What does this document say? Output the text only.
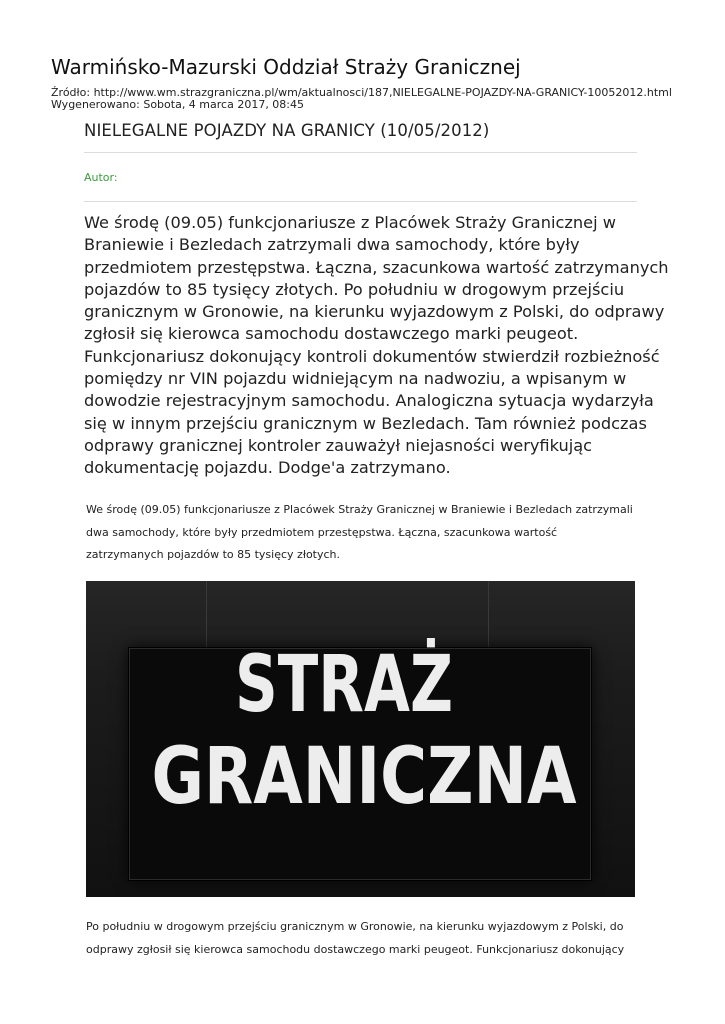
Warmińsko-Mazurski Oddział Straży Granicznej
Źródło: http://www.wm.strazgraniczna.pl/wm/aktualnosci/187,NIELEGALNE-POJAZDY-NA-GRANICY-10052012.html
Wygenerowano: Sobota, 4 marca 2017, 08:45
NIELEGALNE POJAZDY NA GRANICY (10/05/2012)
Autor:
We środę (09.05) funkcjonariusze z Placówek Straży Granicznej w
Braniewie i Bezledach zatrzymali dwa samochody, które były
przedmiotem przestępstwa. Łączna, szacunkowa wartość zatrzymanych
pojazdów to 85 tysięcy złotych. Po południu w drogowym przejściu
granicznym w Gronowie, na kierunku wyjazdowym z Polski, do odprawy
zgłosił się kierowca samochodu dostawczego marki peugeot.
Funkcjonariusz dokonujący kontroli dokumentów stwierdził rozbieżność
pomiędzy nr VIN pojazdu widniejącym na nadwoziu, a wpisanym w
dowodzie rejestracyjnym samochodu. Analogiczna sytuacja wydarzyła
się w innym przejściu granicznym w Bezledach. Tam również podczas
odprawy granicznej kontroler zauważył niejasności weryfikując
dokumentację pojazdu. Dodge'a zatrzymano.
We środę (09.05) funkcjonariusze z Placówek Straży Granicznej w Braniewie i Bezledach zatrzymali
dwa samochody, które były przedmiotem przestępstwa. Łączna, szacunkowa wartość
zatrzymanych pojazdów to 85 tysięcy złotych.
STRAŻ
GRANICZNA
Po południu w drogowym przejściu granicznym w Gronowie, na kierunku wyjazdowym z Polski, do
odprawy zgłosił się kierowca samochodu dostawczego marki peugeot. Funkcjonariusz dokonujący
